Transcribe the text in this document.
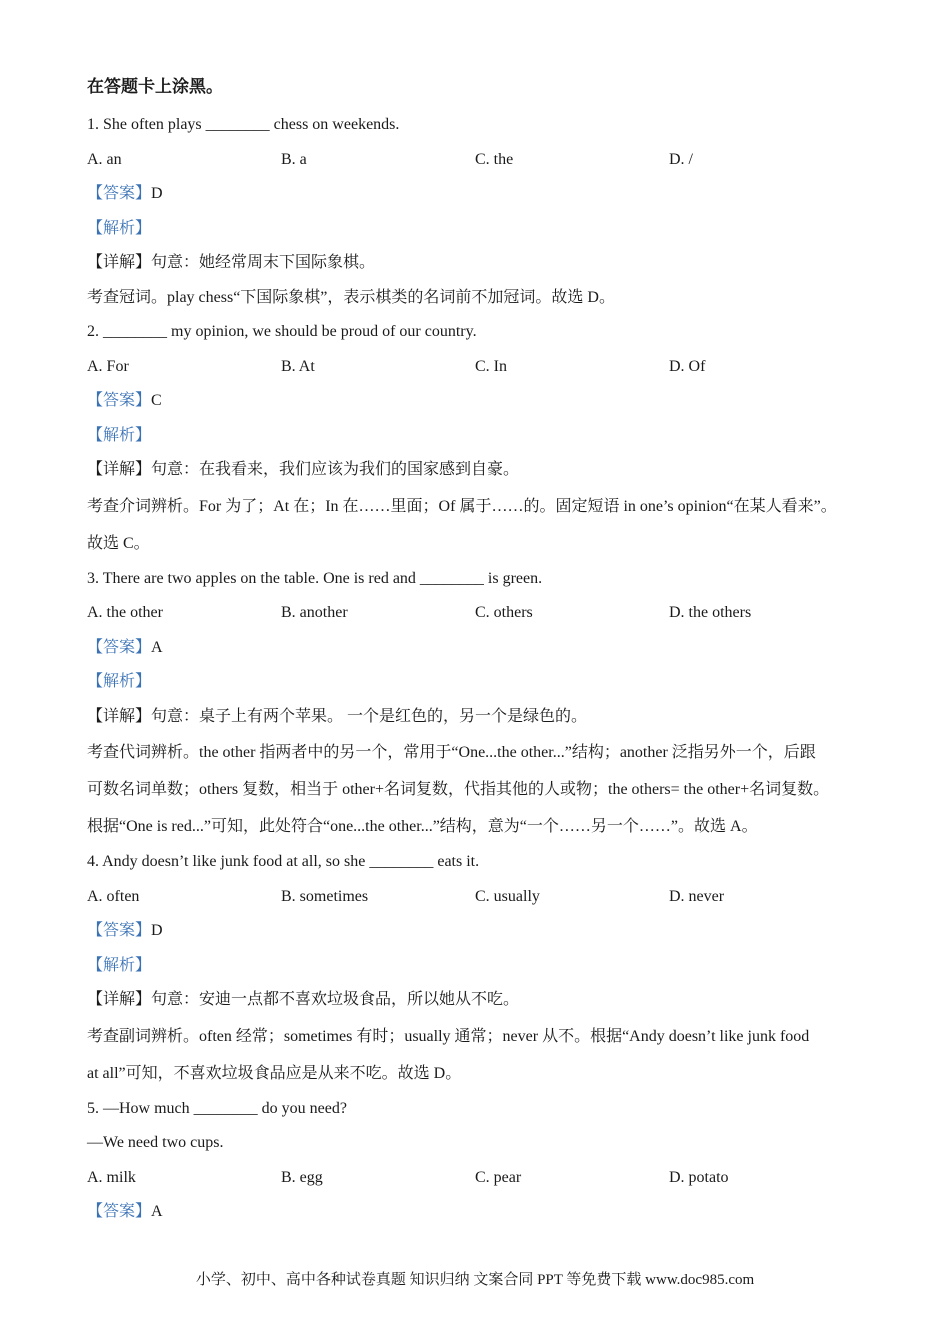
在答题卡上涂黑。
1. She often plays ________ chess on weekends.
A. an	B. a	C. the	D. /
【答案】D
【解析】
【详解】句意：她经常周末下国际象棋。
考查冠词。play chess“下国际象棋”，表示棋类的名词前不加冠词。故选 D。
2. ________ my opinion, we should be proud of our country.
A. For	B. At	C. In	D. Of
【答案】C
【解析】
【详解】句意：在我看来，我们应该为我们的国家感到自豪。
考查介词辨析。For 为了；At 在；In 在……里面；Of 属于……的。固定短语 in one’s opinion“在某人看来”。
故选 C。
3. There are two apples on the table. One is red and ________ is green.
A. the other	B. another	C. others	D. the others
【答案】A
【解析】
【详解】句意：桌子上有两个苹果。 一个是红色的，另一个是绿色的。
考查代词辨析。the other 指两者中的另一个，常用于“One...the other...”结构；another 泛指另外一个，后跟
可数名词单数；others 复数，相当于 other+名词复数，代指其他的人或物；the others= the other+名词复数。
根据“One is red...”可知，此处符合“one...the other...”结构，意为“一个……另一个……”。故选 A。
4. Andy doesn’t like junk food at all, so she ________ eats it.
A. often	B. sometimes	C. usually	D. never
【答案】D
【解析】
【详解】句意：安迪一点都不喜欢垃圾食品，所以她从不吃。
考查副词辨析。often 经常；sometimes 有时；usually 通常；never 从不。根据“Andy doesn’t like junk food
at all”可知，不喜欢垃圾食品应是从来不吃。故选 D。
5. —How much ________ do you need?
—We need two cups.
A. milk	B. egg	C. pear	D. potato
【答案】A
小学、初中、高中各种试卷真题 知识归纳 文案合同 PPT 等免费下载 www.doc985.com
